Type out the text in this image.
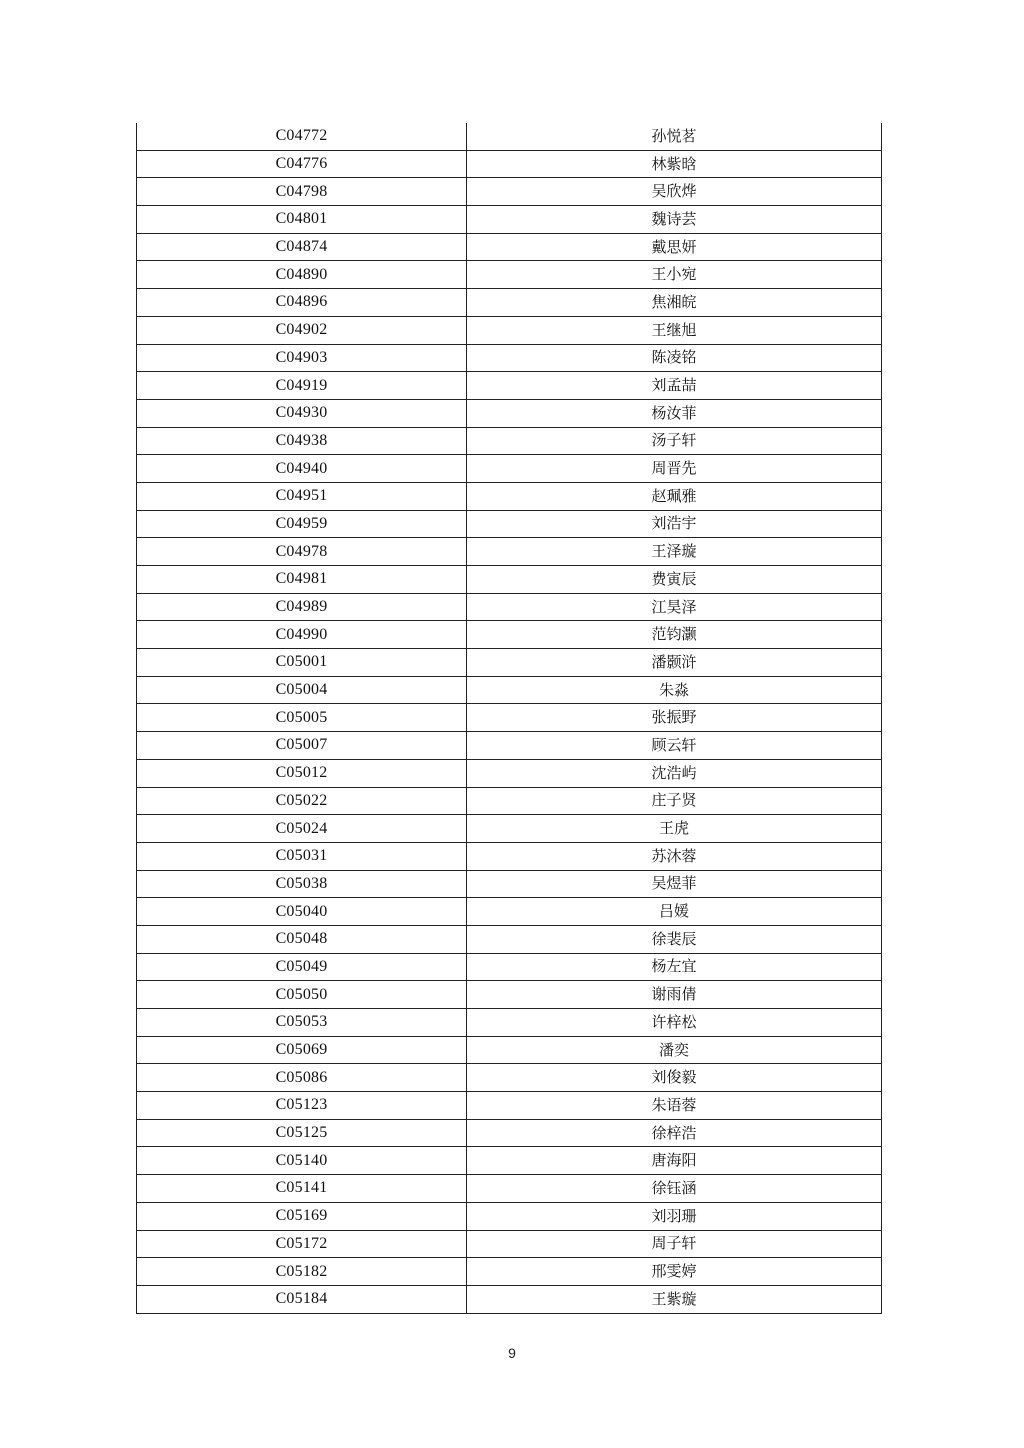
C04772	孙悦茗
C04776	林紫晗
C04798	吴欣烨
C04801	魏诗芸
C04874	戴思妍
C04890	王小宛
C04896	焦湘皖
C04902	王继旭
C04903	陈凌铭
C04919	刘孟喆
C04930	杨汝菲
C04938	汤子轩
C04940	周晋先
C04951	赵珮雅
C04959	刘浩宇
C04978	王泽璇
C04981	费寅辰
C04989	江昊泽
C04990	范钧灏
C05001	潘颢浒
C05004	朱淼
C05005	张振野
C05007	顾云轩
C05012	沈浩屿
C05022	庄子贤
C05024	王虎
C05031	苏沐蓉
C05038	吴煜菲
C05040	吕媛
C05048	徐裴辰
C05049	杨左宜
C05050	谢雨倩
C05053	许梓松
C05069	潘奕
C05086	刘俊毅
C05123	朱语蓉
C05125	徐梓浩
C05140	唐海阳
C05141	徐钰涵
C05169	刘羽珊
C05172	周子轩
C05182	邢雯婷
C05184	王紫璇
9
